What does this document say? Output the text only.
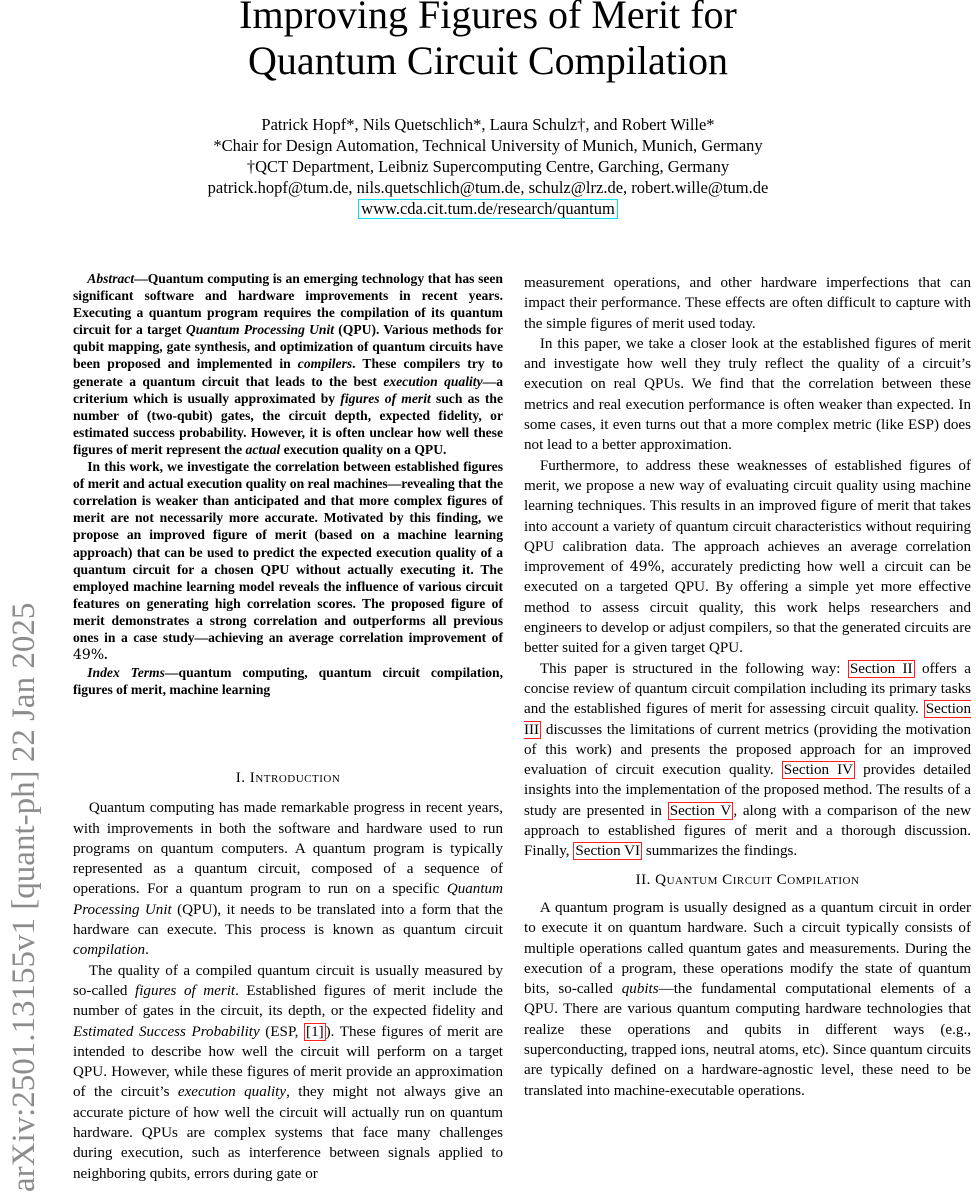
Improving Figures of Merit for
Quantum Circuit Compilation
Patrick Hopf*, Nils Quetschlich*, Laura Schulz†, and Robert Wille*
*Chair for Design Automation, Technical University of Munich, Munich, Germany
†QCT Department, Leibniz Supercomputing Centre, Garching, Germany
patrick.hopf@tum.de, nils.quetschlich@tum.de, schulz@lrz.de, robert.wille@tum.de
www.cda.cit.tum.de/research/quantum
arXiv:2501.13155v1 [quant-ph] 22 Jan 2025

Abstract—Quantum computing is an emerging technology that has seen significant software and hardware improvements in recent years. Executing a quantum program requires the compilation of its quantum circuit for a target Quantum Processing Unit (QPU). Various methods for qubit mapping, gate synthesis, and optimization of quantum circuits have been proposed and implemented in compilers. These compilers try to generate a quantum circuit that leads to the best execution quality—a criterium which is usually approximated by figures of merit such as the number of (two-qubit) gates, the circuit depth, expected fidelity, or estimated success probability. However, it is often unclear how well these figures of merit represent the actual execution quality on a QPU.

In this work, we investigate the correlation between established figures of merit and actual execution quality on real machines—revealing that the correlation is weaker than anticipated and that more complex figures of merit are not necessarily more accurate. Motivated by this finding, we propose an improved figure of merit (based on a machine learning approach) that can be used to predict the expected execution quality of a quantum circuit for a chosen QPU without actually executing it. The employed machine learning model reveals the influence of various circuit features on generating high correlation scores. The proposed figure of merit demonstrates a strong correlation and outperforms all previous ones in a case study—achieving an average correlation improvement of 49%.

Index Terms—quantum computing, quantum circuit compilation, figures of merit, machine learning

I. Introduction

Quantum computing has made remarkable progress in recent years, with improvements in both the software and hardware used to run programs on quantum computers. A quantum program is typically represented as a quantum circuit, composed of a sequence of operations. For a quantum program to run on a specific Quantum Processing Unit (QPU), it needs to be translated into a form that the hardware can execute. This process is known as quantum circuit compilation.

The quality of a compiled quantum circuit is usually measured by so-called figures of merit. Established figures of merit include the number of gates in the circuit, its depth, or the expected fidelity and Estimated Success Probability (ESP, [1] ). These figures of merit are intended to describe how well the circuit will perform on a target QPU. However, while these figures of merit provide an approximation of the circuit’s execution quality, they might not always give an accurate picture of how well the circuit will actually run on quantum hardware. QPUs are complex systems that face many challenges during execution, such as interference between signals applied to neighboring qubits, errors during gate or

measurement operations, and other hardware imperfections that can impact their performance. These effects are often difficult to capture with the simple figures of merit used today.

In this paper, we take a closer look at the established figures of merit and investigate how well they truly reflect the quality of a circuit’s execution on real QPUs. We find that the correlation between these metrics and real execution performance is often weaker than expected. In some cases, it even turns out that a more complex metric (like ESP) does not lead to a better approximation.

Furthermore, to address these weaknesses of established figures of merit, we propose a new way of evaluating circuit quality using machine learning techniques. This results in an improved figure of merit that takes into account a variety of quantum circuit characteristics without requiring QPU calibration data. The approach achieves an average correlation improvement of 49%, accurately predicting how well a circuit can be executed on a targeted QPU. By offering a simple yet more effective method to assess circuit quality, this work helps researchers and engineers to develop or adjust compilers, so that the generated circuits are better suited for a given target QPU.

This paper is structured in the following way: Section II offers a concise review of quantum circuit compilation including its primary tasks and the established figures of merit for assessing circuit quality. Section III discusses the limitations of current metrics (providing the motivation of this work) and presents the proposed approach for an improved evaluation of circuit execution quality. Section IV provides detailed insights into the implementation of the proposed method. The results of a study are presented in Section V , along with a comparison of the new approach to established figures of merit and a thorough discussion. Finally, Section VI summarizes the findings.

II. Quantum Circuit Compilation

A quantum program is usually designed as a quantum circuit in order to execute it on quantum hardware. Such a circuit typically consists of multiple operations called quantum gates and measurements. During the execution of a program, these operations modify the state of quantum bits, so-called qubits—the fundamental computational elements of a QPU. There are various quantum computing hardware technologies that realize these operations and qubits in different ways (e.g., superconducting, trapped ions, neutral atoms, etc). Since quantum circuits are typically defined on a hardware-agnostic level, these need to be translated into machine-executable operations.
